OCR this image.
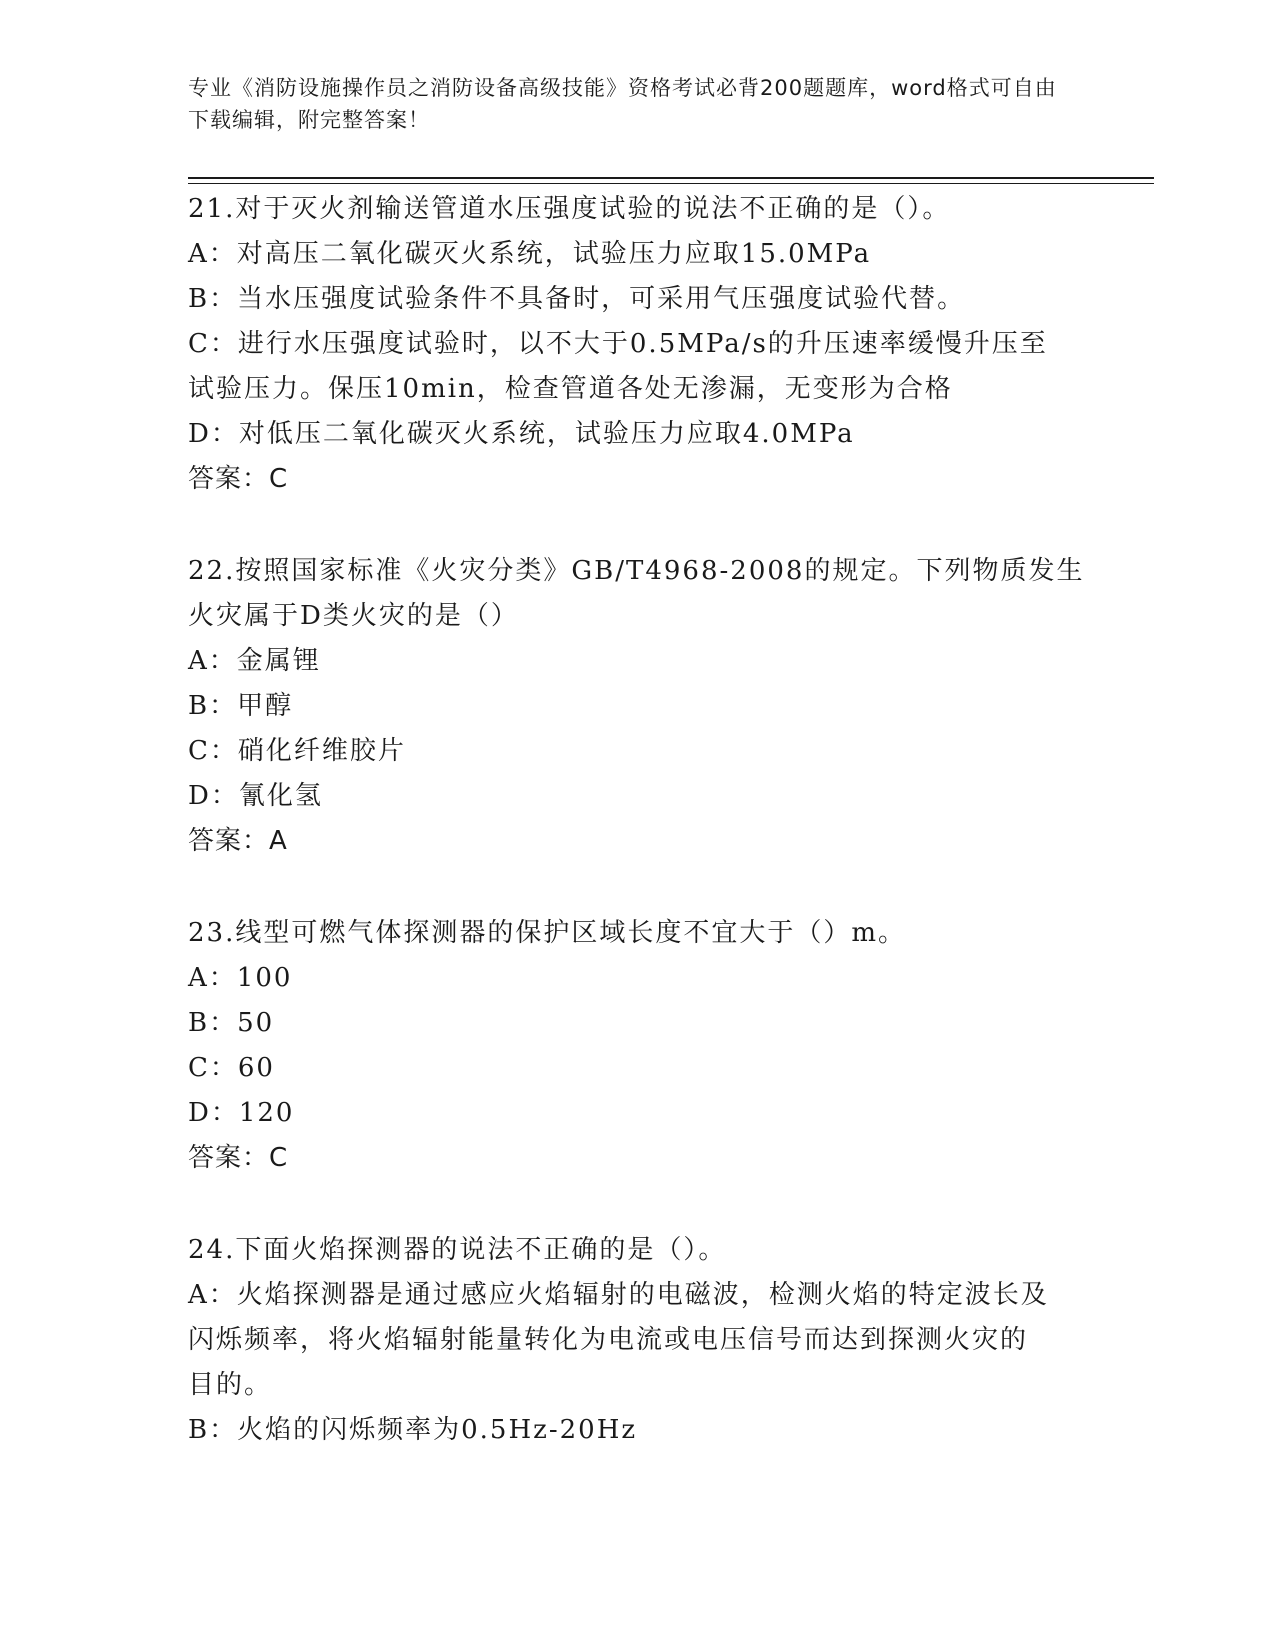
专业《消防设施操作员之消防设备高级技能》资格考试必背200题题库，word格式可自由下载编辑，附完整答案！
21.对于灭火剂输送管道水压强度试验的说法不正确的是（）。
A：对高压二氧化碳灭火系统，试验压力应取15.0MPa
B：当水压强度试验条件不具备时，可采用气压强度试验代替。
C：进行水压强度试验时，以不大于0.5MPa/s的升压速率缓慢升压至
试验压力。保压10min，检查管道各处无渗漏，无变形为合格
D：对低压二氧化碳灭火系统，试验压力应取4.0MPa
答案：C
22.按照国家标准《火灾分类》GB/T4968-2008的规定。下列物质发生
火灾属于D类火灾的是（）
A：金属锂
B：甲醇
C：硝化纤维胶片
D：氰化氢
答案：A
23.线型可燃气体探测器的保护区域长度不宜大于（）m。
A：100
B：50
C：60
D：120
答案：C
24.下面火焰探测器的说法不正确的是（）。
A：火焰探测器是通过感应火焰辐射的电磁波，检测火焰的特定波长及
闪烁频率，将火焰辐射能量转化为电流或电压信号而达到探测火灾的
目的。
B：火焰的闪烁频率为0.5Hz-20Hz
